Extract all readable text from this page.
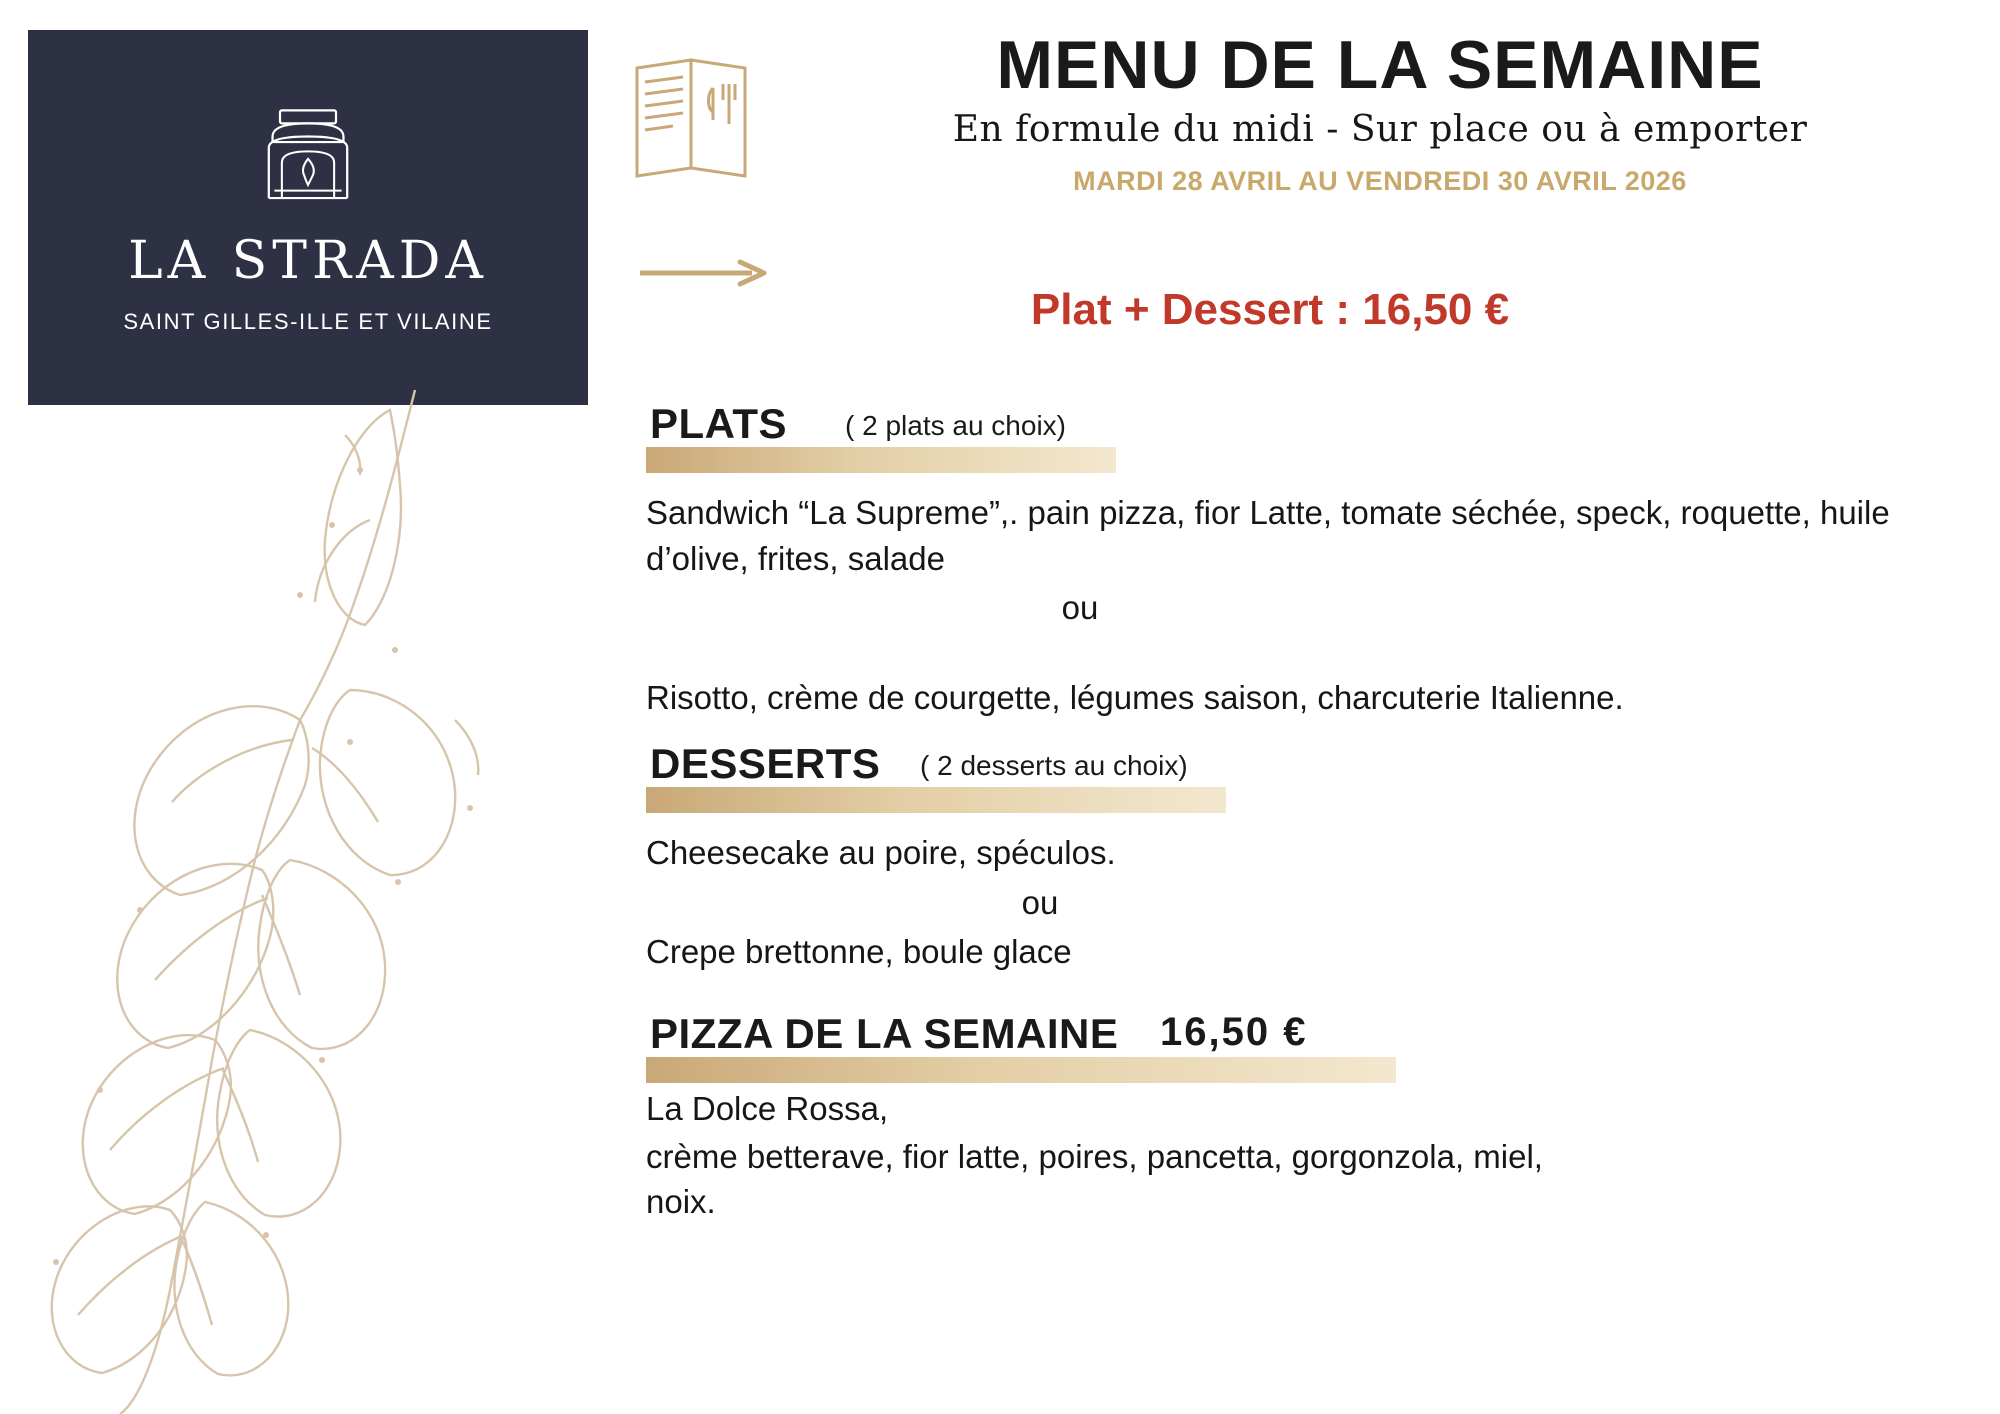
LA STRADA
SAINT GILLES-ILLE ET VILAINE
MENU DE LA SEMAINE
En formule du midi - Sur place ou à emporter
MARDI 28 AVRIL AU VENDREDI 30 AVRIL 2026
Plat + Dessert : 16,50 €
PLATS ( 2 plats au choix)
Sandwich “La Supreme”,. pain pizza, fior Latte, tomate séchée, speck, roquette, huile d’olive, frites, salade
ou
Risotto, crème de courgette, légumes saison, charcuterie Italienne.
DESSERTS ( 2 desserts au choix)
Cheesecake au poire, spéculos.
ou
Crepe brettonne, boule glace
PIZZA DE LA SEMAINE 16,50 €
La Dolce Rossa,
crème betterave, fior latte, poires, pancetta, gorgonzola, miel, noix.
